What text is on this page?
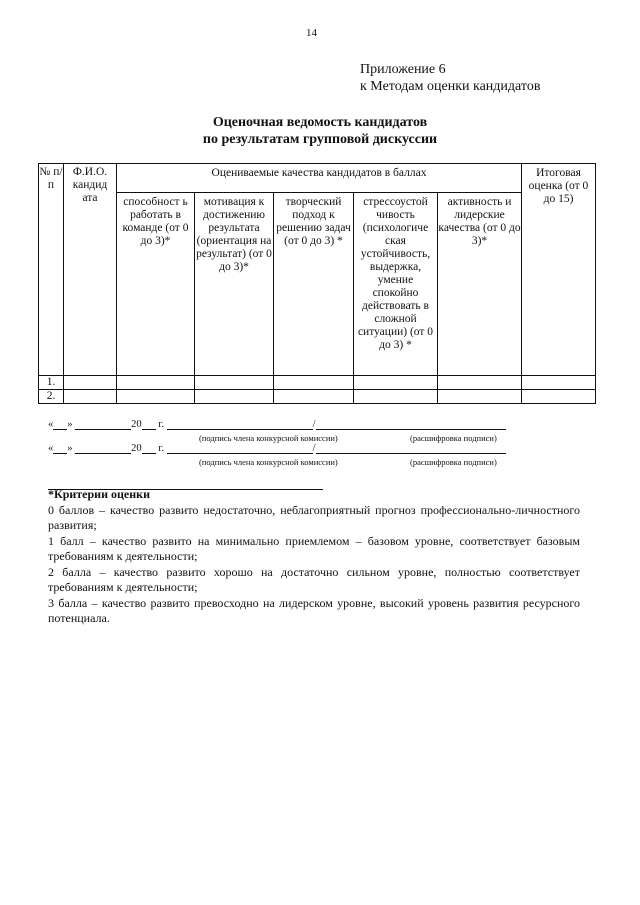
14
Приложение 6
к Методам оценки кандидатов
Оценочная ведомость кандидатов
по результатам групповой дискуссии
№ п/ п	Ф.И.О. кандид ата	Оцениваемые качества кандидатов в баллах					Итоговая оценка (от 0 до 15)
		способност ь работать в команде (от 0 до 3)*	мотивация к достижению результата (ориентация на результат) (от 0 до 3)*	творческий подход к решению задач (от 0 до 3) *	стрессоустой чивость (психологиче ская устойчивость, выдержка, умение спокойно действовать в сложной ситуации) (от 0 до 3) *	активность и лидерские качества (от 0 до 3)*	
1.							
2.							
« »	20 г.	/
(подпись члена конкурсной комиссии)	(расшифровка подписи)
« »	20 г.	/
(подпись члена конкурсной комиссии)	(расшифровка подписи)

*Критерии оценки

0 баллов – качество развито недостаточно, неблагоприятный прогноз профессионально-личностного развития;

1 балл – качество развито на минимально приемлемом – базовом уровне, соответствует базовым требованиям к деятельности;

2 балла – качество развито хорошо на достаточно сильном уровне, полностью соответствует требованиям к деятельности;

3 балла – качество развито превосходно на лидерском уровне, высокий уровень развития ресурсного потенциала.
